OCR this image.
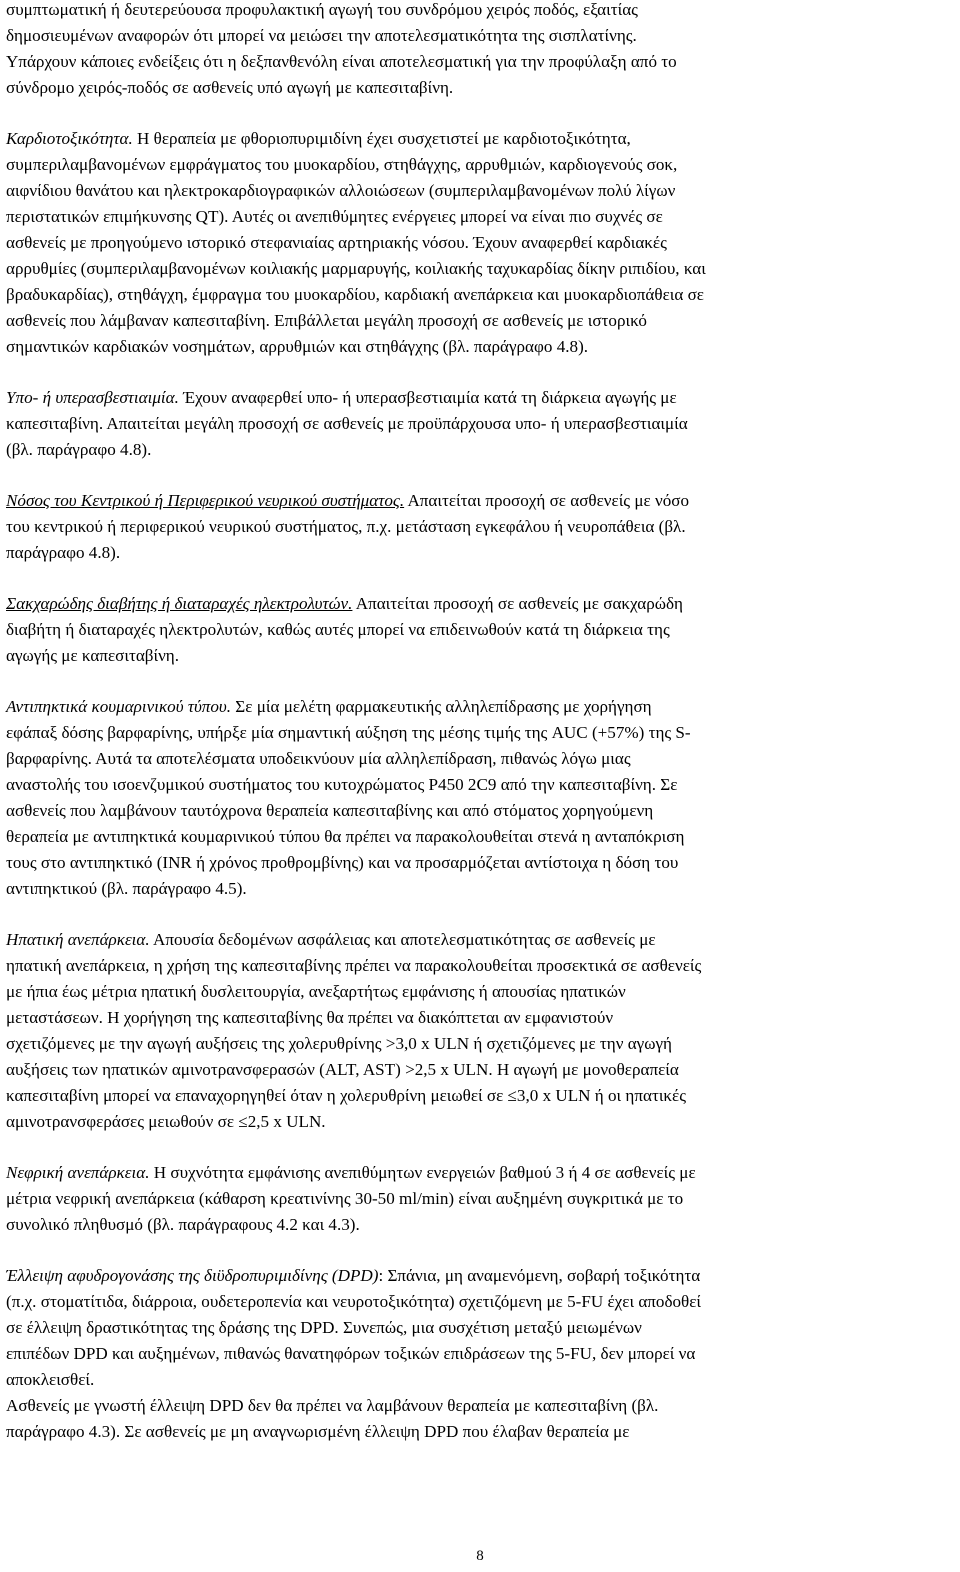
συμπτωματική ή δευτερεύουσα προφυλακτική αγωγή του συνδρόμου χειρός ποδός, εξαιτίας
δημοσιευμένων αναφορών ότι μπορεί να μειώσει την αποτελεσματικότητα της σισπλατίνης.
Υπάρχουν κάποιες ενδείξεις ότι η δεξπανθενόλη είναι αποτελεσματική για την προφύλαξη από το
σύνδρομο χειρός-ποδός σε ασθενείς υπό αγωγή με καπεσιταβίνη.

Καρδιοτοξικότητα. Η θεραπεία με φθοριοπυριμιδίνη έχει συσχετιστεί με καρδιοτοξικότητα,
συμπεριλαμβανομένων εμφράγματος του μυοκαρδίου, στηθάγχης, αρρυθμιών, καρδιογενούς σοκ,
αιφνίδιου θανάτου και ηλεκτροκαρδιογραφικών αλλοιώσεων (συμπεριλαμβανομένων πολύ λίγων
περιστατικών επιμήκυνσης QT). Αυτές οι ανεπιθύμητες ενέργειες μπορεί να είναι πιο συχνές σε
ασθενείς με προηγούμενο ιστορικό στεφανιαίας αρτηριακής νόσου. Έχουν αναφερθεί καρδιακές
αρρυθμίες (συμπεριλαμβανομένων κοιλιακής μαρμαρυγής, κοιλιακής ταχυκαρδίας δίκην ριπιδίου, και
βραδυκαρδίας), στηθάγχη, έμφραγμα του μυοκαρδίου, καρδιακή ανεπάρκεια και μυοκαρδιοπάθεια σε
ασθενείς που λάμβαναν καπεσιταβίνη. Επιβάλλεται μεγάλη προσοχή σε ασθενείς με ιστορικό
σημαντικών καρδιακών νοσημάτων, αρρυθμιών και στηθάγχης (βλ. παράγραφο 4.8).

Υπο- ή υπερασβεστιαιμία. Έχουν αναφερθεί υπο- ή υπερασβεστιαιμία κατά τη διάρκεια αγωγής με
καπεσιταβίνη. Απαιτείται μεγάλη προσοχή σε ασθενείς με προϋπάρχουσα υπο- ή υπερασβεστιαιμία
(βλ. παράγραφο 4.8).

Νόσος του Κεντρικού ή Περιφερικού νευρικού συστήματος. Απαιτείται προσοχή σε ασθενείς με νόσο
του κεντρικού ή περιφερικού νευρικού συστήματος, π.χ. μετάσταση εγκεφάλου ή νευροπάθεια (βλ.
παράγραφο 4.8).

Σακχαρώδης διαβήτης ή διαταραχές ηλεκτρολυτών. Απαιτείται προσοχή σε ασθενείς με σακχαρώδη
διαβήτη ή διαταραχές ηλεκτρολυτών, καθώς αυτές μπορεί να επιδεινωθούν κατά τη διάρκεια της
αγωγής με καπεσιταβίνη.

Αντιπηκτικά κουμαρινικού τύπου. Σε μία μελέτη φαρμακευτικής αλληλεπίδρασης με χορήγηση
εφάπαξ δόσης βαρφαρίνης, υπήρξε μία σημαντική αύξηση της μέσης τιμής της AUC (+57%) της S-
βαρφαρίνης. Αυτά τα αποτελέσματα υποδεικνύουν μία αλληλεπίδραση, πιθανώς λόγω μιας
αναστολής του ισοενζυμικού συστήματος του κυτοχρώματος P450 2C9 από την καπεσιταβίνη. Σε
ασθενείς που λαμβάνουν ταυτόχρονα θεραπεία καπεσιταβίνης και από στόματος χορηγούμενη
θεραπεία με αντιπηκτικά κουμαρινικού τύπου θα πρέπει να παρακολουθείται στενά η ανταπόκριση
τους στο αντιπηκτικό (INR ή χρόνος προθρομβίνης) και να προσαρμόζεται αντίστοιχα η δόση του
αντιπηκτικού (βλ. παράγραφο 4.5).

Ηπατική ανεπάρκεια. Απουσία δεδομένων ασφάλειας και αποτελεσματικότητας σε ασθενείς με
ηπατική ανεπάρκεια, η χρήση της καπεσιταβίνης πρέπει να παρακολουθείται προσεκτικά σε ασθενείς
με ήπια έως μέτρια ηπατική δυσλειτουργία, ανεξαρτήτως εμφάνισης ή απουσίας ηπατικών
μεταστάσεων. Η χορήγηση της καπεσιταβίνης θα πρέπει να διακόπτεται αν εμφανιστούν
σχετιζόμενες με την αγωγή αυξήσεις της χολερυθρίνης >3,0 x ULN ή σχετιζόμενες με την αγωγή
αυξήσεις των ηπατικών αμινοτρανσφερασών (ALT, AST) >2,5 x ULN. Η αγωγή με μονοθεραπεία
καπεσιταβίνη μπορεί να επαναχορηγηθεί όταν η χολερυθρίνη μειωθεί σε ≤3,0 x ULN ή οι ηπατικές
αμινοτρανσφεράσες μειωθούν σε ≤2,5 x ULN.

Νεφρική ανεπάρκεια. Η συχνότητα εμφάνισης ανεπιθύμητων ενεργειών βαθμού 3 ή 4 σε ασθενείς με
μέτρια νεφρική ανεπάρκεια (κάθαρση κρεατινίνης 30-50 ml/min) είναι αυξημένη συγκριτικά με το
συνολικό πληθυσμό (βλ. παράγραφους 4.2 και 4.3).

Έλλειψη αφυδρογονάσης της διϋδροπυριμιδίνης (DPD): Σπάνια, μη αναμενόμενη, σοβαρή τοξικότητα
(π.χ. στοματίτιδα, διάρροια, ουδετεροπενία και νευροτοξικότητα) σχετιζόμενη με 5-FU έχει αποδοθεί
σε έλλειψη δραστικότητας της δράσης της DPD. Συνεπώς, μια συσχέτιση μεταξύ μειωμένων
επιπέδων DPD και αυξημένων, πιθανώς θανατηφόρων τοξικών επιδράσεων της 5-FU, δεν μπορεί να
αποκλεισθεί.

Ασθενείς με γνωστή έλλειψη DPD δεν θα πρέπει να λαμβάνουν θεραπεία με καπεσιταβίνη (βλ.
παράγραφο 4.3). Σε ασθενείς με μη αναγνωρισμένη έλλειψη DPD που έλαβαν θεραπεία με

8
